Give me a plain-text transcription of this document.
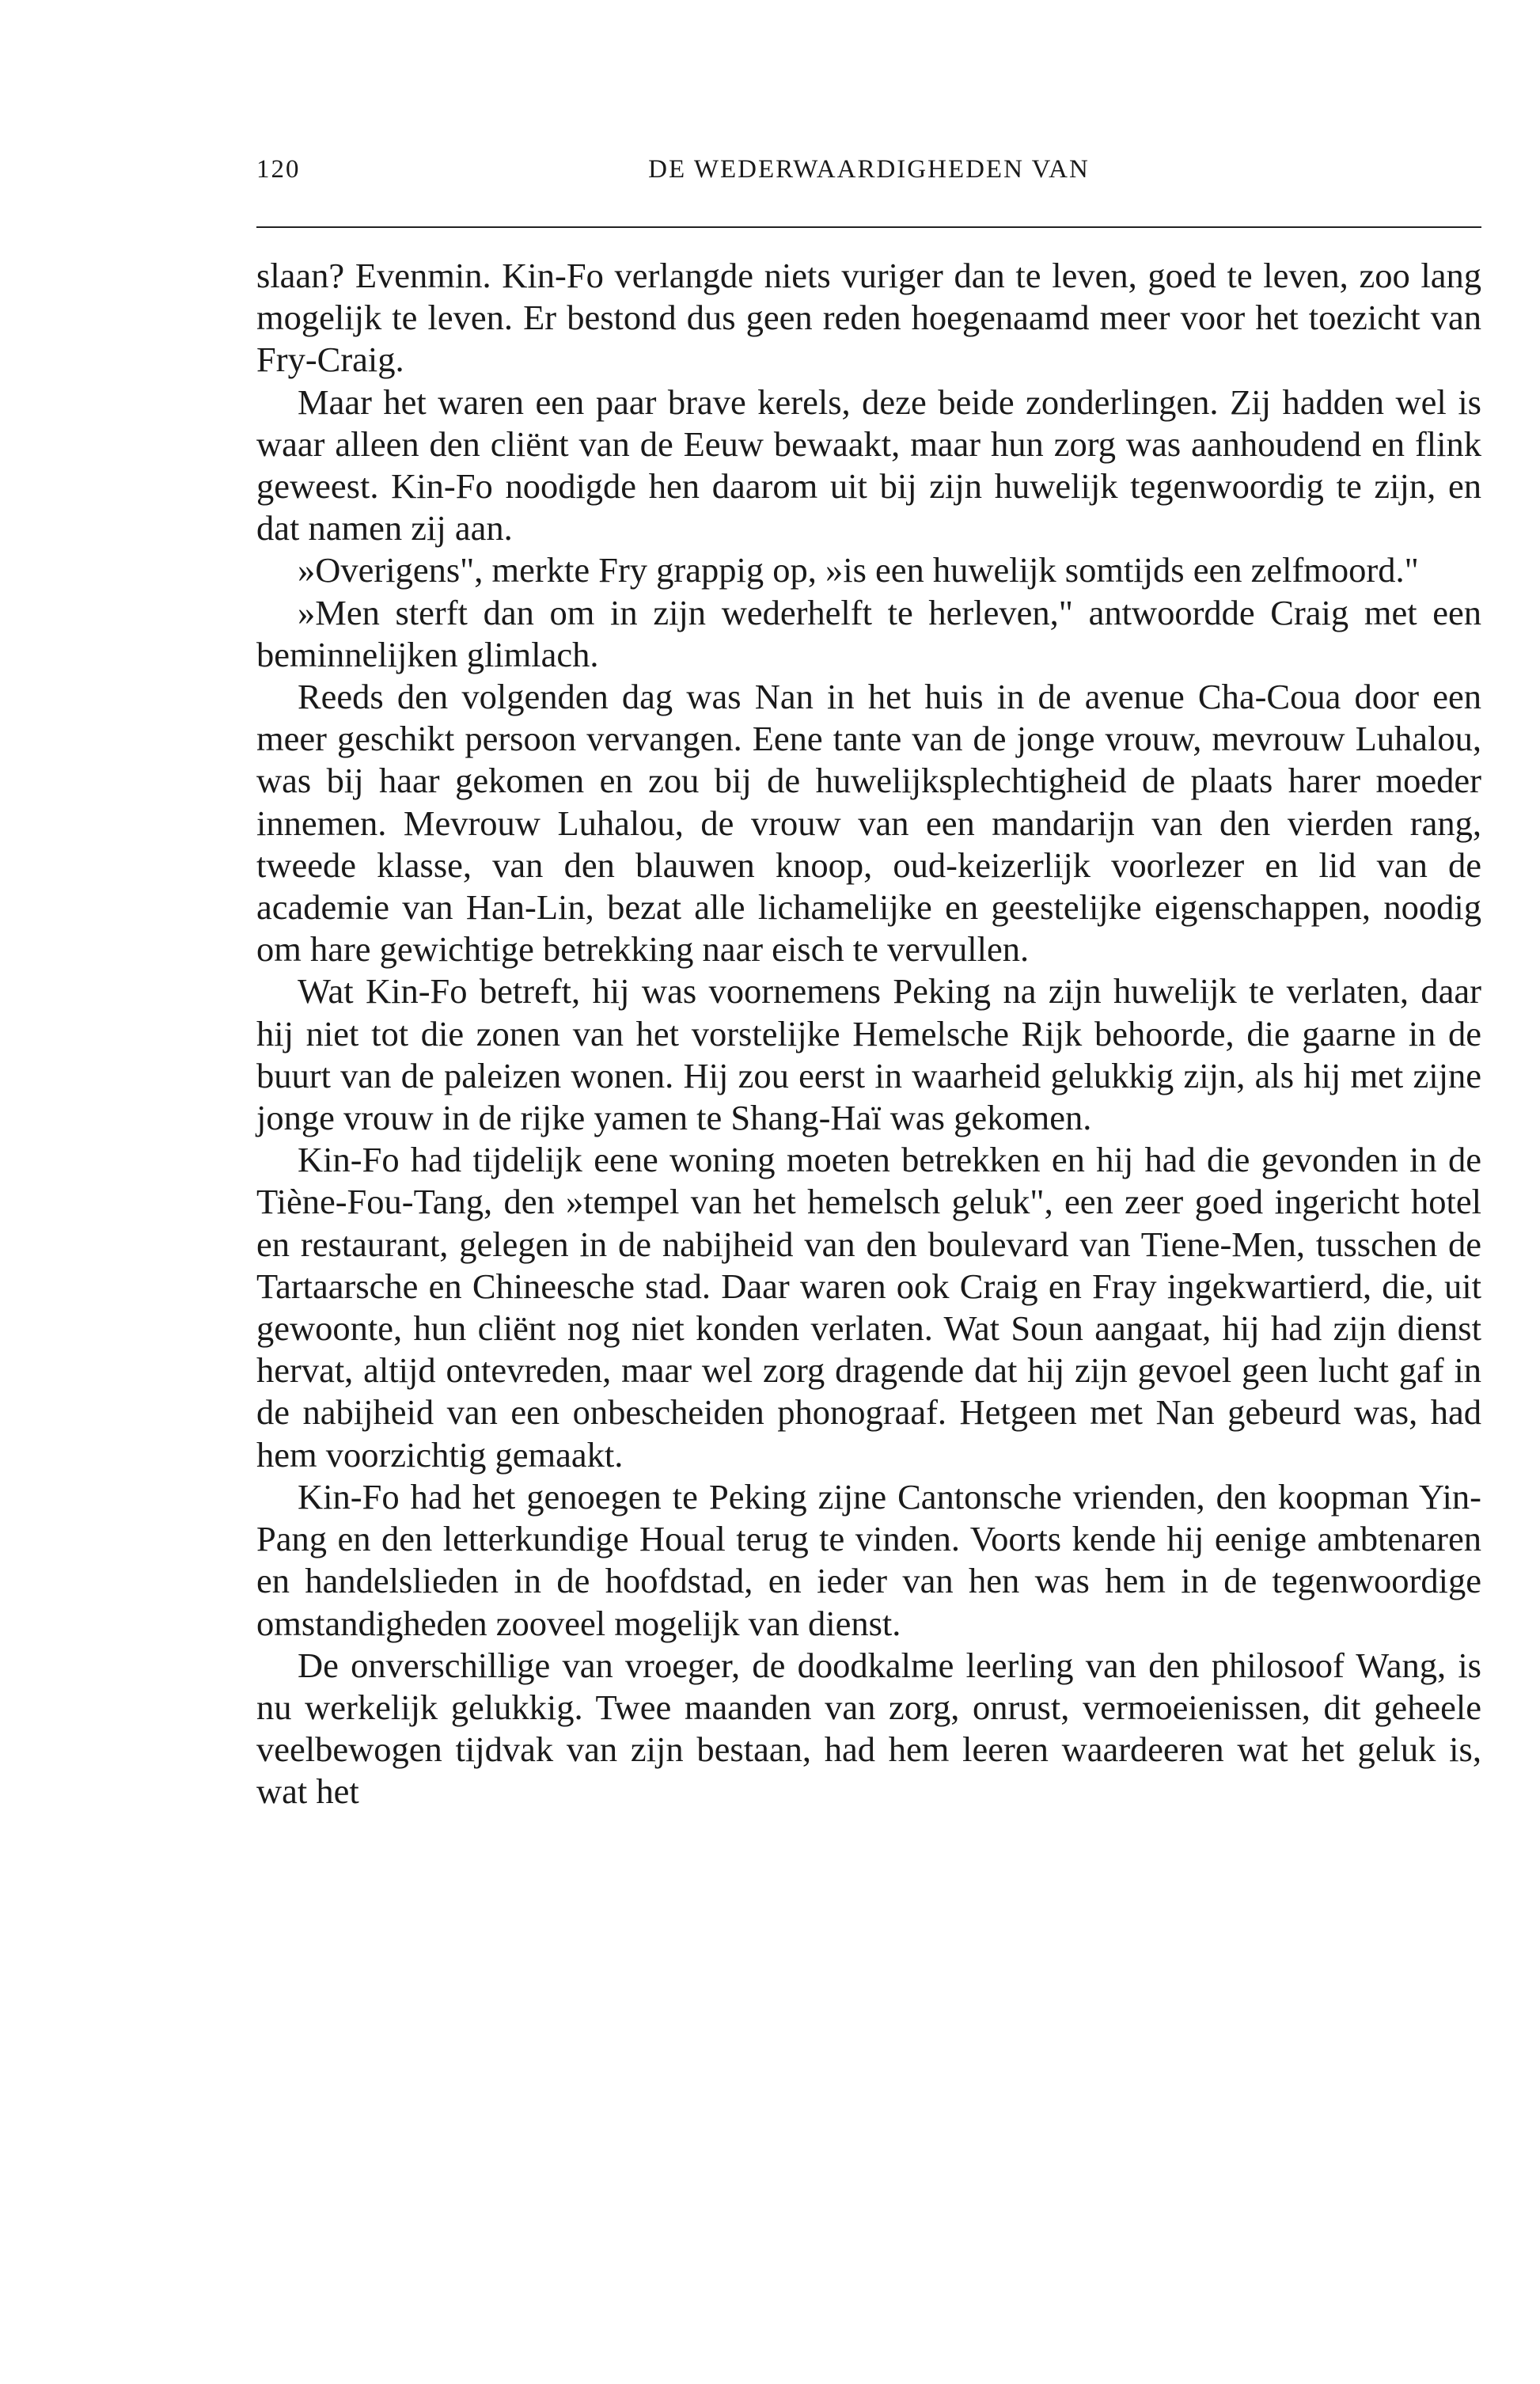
120	DE WEDERWAARDIGHEDEN VAN

slaan? Evenmin. Kin-Fo verlangde niets vuriger dan te leven, goed te leven, zoo lang mogelijk te leven. Er bestond dus geen reden hoegenaamd meer voor het toezicht van Fry-Craig.

Maar het waren een paar brave kerels, deze beide zonderlingen. Zij hadden wel is waar alleen den cliënt van de Eeuw bewaakt, maar hun zorg was aanhoudend en flink geweest. Kin-Fo noodigde hen daarom uit bij zijn huwelijk tegenwoordig te zijn, en dat namen zij aan.

»Overigens", merkte Fry grappig op, »is een huwelijk somtijds een zelfmoord."

»Men sterft dan om in zijn wederhelft te herleven," antwoordde Craig met een beminnelijken glimlach.

Reeds den volgenden dag was Nan in het huis in de avenue Cha-Coua door een meer geschikt persoon vervangen. Eene tante van de jonge vrouw, mevrouw Luhalou, was bij haar gekomen en zou bij de huwelijksplechtigheid de plaats harer moeder innemen. Mevrouw Luhalou, de vrouw van een mandarijn van den vierden rang, tweede klasse, van den blauwen knoop, oud-keizerlijk voorlezer en lid van de academie van Han-Lin, bezat alle lichamelijke en geestelijke eigenschappen, noodig om hare gewichtige betrekking naar eisch te vervullen.

Wat Kin-Fo betreft, hij was voornemens Peking na zijn huwelijk te verlaten, daar hij niet tot die zonen van het vorstelijke Hemelsche Rijk behoorde, die gaarne in de buurt van de paleizen wonen. Hij zou eerst in waarheid gelukkig zijn, als hij met zijne jonge vrouw in de rijke yamen te Shang-Haï was gekomen.

Kin-Fo had tijdelijk eene woning moeten betrekken en hij had die gevonden in de Tiène-Fou-Tang, den »tempel van het hemelsch geluk", een zeer goed ingericht hotel en restaurant, gelegen in de nabijheid van den boulevard van Tiene-Men, tusschen de Tartaarsche en Chineesche stad. Daar waren ook Craig en Fray ingekwartierd, die, uit gewoonte, hun cliënt nog niet konden verlaten. Wat Soun aangaat, hij had zijn dienst hervat, altijd ontevreden, maar wel zorg dragende dat hij zijn gevoel geen lucht gaf in de nabijheid van een onbescheiden phonograaf. Hetgeen met Nan gebeurd was, had hem voorzichtig gemaakt.

Kin-Fo had het genoegen te Peking zijne Cantonsche vrienden, den koopman Yin-Pang en den letterkundige Houal terug te vinden. Voorts kende hij eenige ambtenaren en handelslieden in de hoofdstad, en ieder van hen was hem in de tegenwoordige omstandigheden zooveel mogelijk van dienst.

De onverschillige van vroeger, de doodkalme leerling van den philosoof Wang, is nu werkelijk gelukkig. Twee maanden van zorg, onrust, vermoeienissen, dit geheele veelbewogen tijdvak van zijn bestaan, had hem leeren waardeeren wat het geluk is, wat het
